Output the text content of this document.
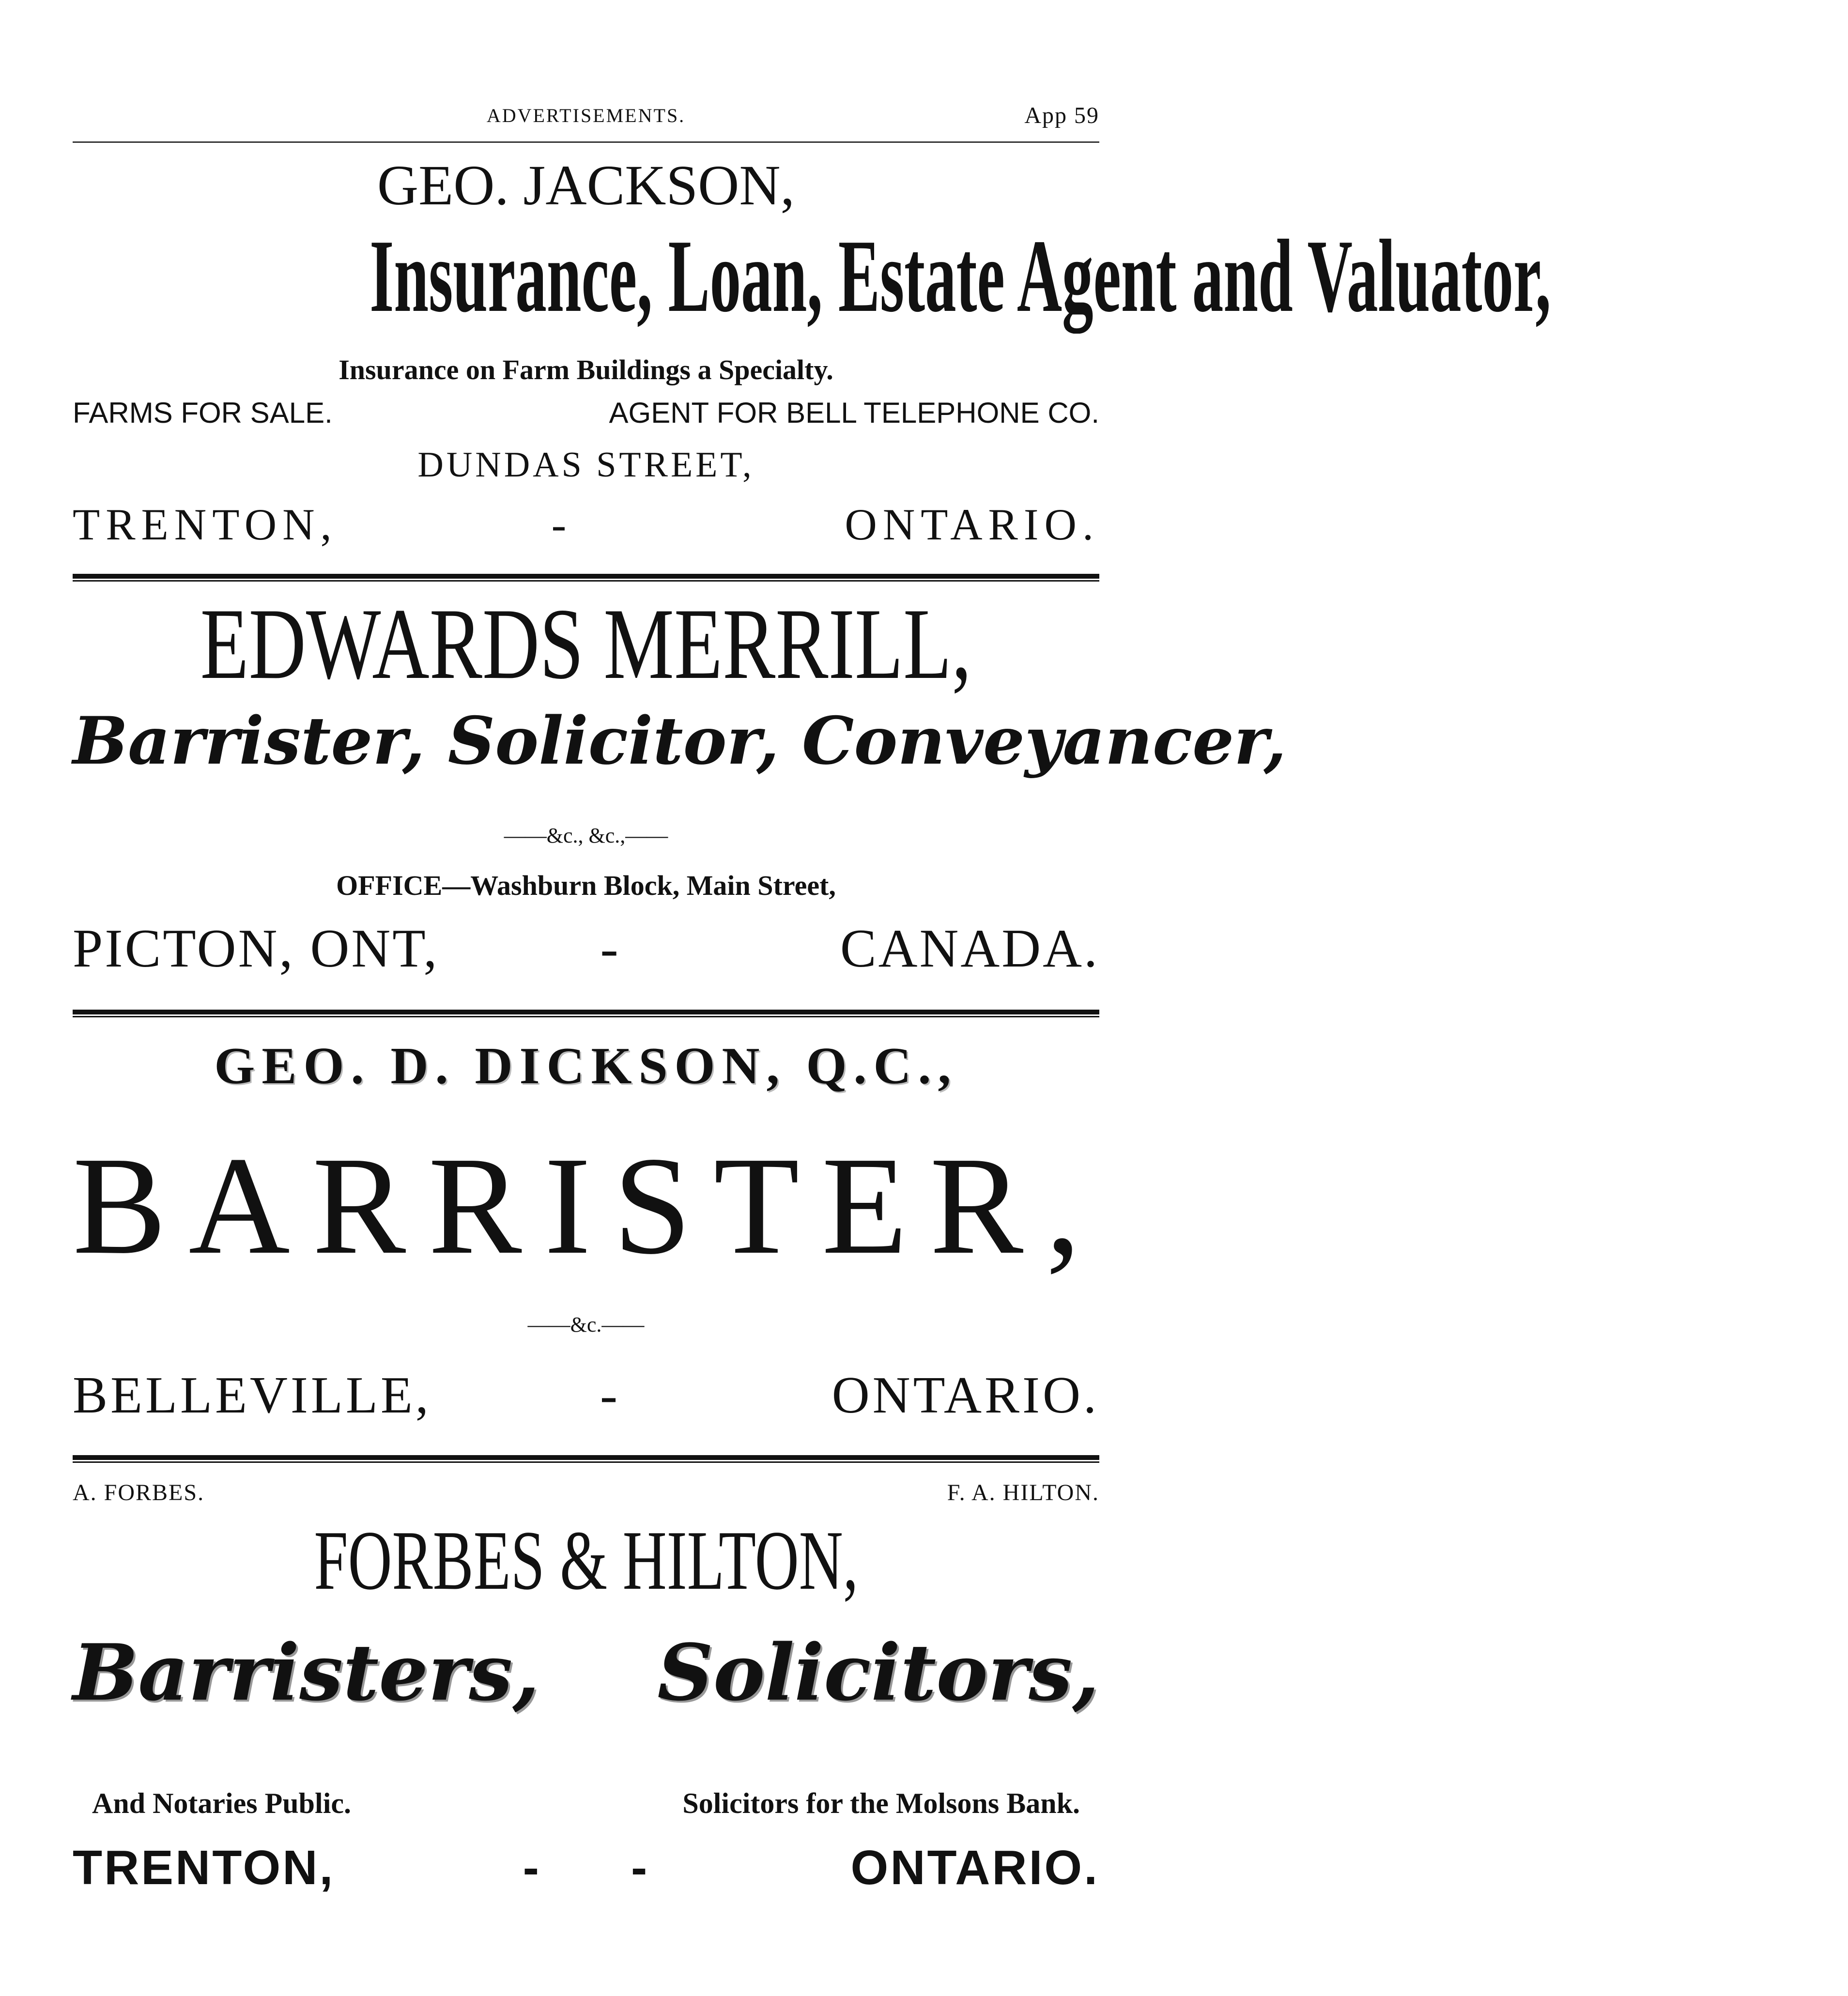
ADVERTISEMENTS.	App 59
GEO. JACKSON,
Insurance, Loan, Estate Agent and Valuator,
Insurance on Farm Buildings a Specialty.
FARMS FOR SALE.	AGENT FOR BELL TELEPHONE CO.
DUNDAS STREET,
TRENTON,	-	ONTARIO.
EDWARDS MERRILL,
Barrister, Solicitor, Conveyancer,
——&c., &c.,——
OFFICE—Washburn Block, Main Street,
PICTON, ONT,	-	CANADA.
GEO. D. DICKSON, Q.C.,
BARRISTER,
——&c.——
BELLEVILLE,	-	ONTARIO.
A. FORBES.	F. A. HILTON.
FORBES & HILTON,
Barristers,	Solicitors,
And Notaries Public.	Solicitors for the Molsons Bank.
TRENTON,	-	-	ONTARIO.
